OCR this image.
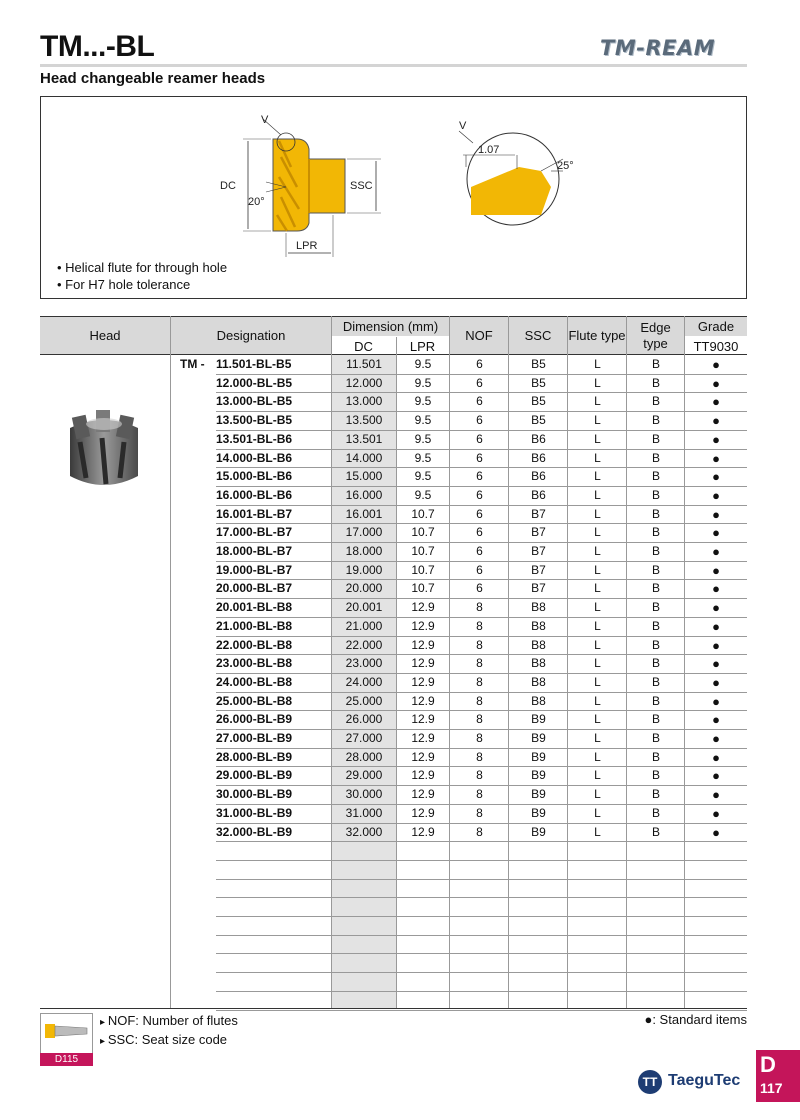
TM...-BL	TM-REAM
Head changeable reamer heads
V
DC	SSC
LPR
20°
V
1.07
25°
• Helical flute for through hole
• For H7 hole tolerance
Head	Designation
Dimension (mm)
DC	LPR
NOF	SSC	Flute type
Edge type
Grade
TT9030
TM - 11.501-BL-B5	11.501	9.5	6	B5	L	B	●
12.000-BL-B5	12.000	9.5	6	B5	L	B	●
13.000-BL-B5	13.000	9.5	6	B5	L	B	●
13.500-BL-B5	13.500	9.5	6	B5	L	B	●
13.501-BL-B6	13.501	9.5	6	B6	L	B	●
14.000-BL-B6	14.000	9.5	6	B6	L	B	●
15.000-BL-B6	15.000	9.5	6	B6	L	B	●
16.000-BL-B6	16.000	9.5	6	B6	L	B	●
16.001-BL-B7	16.001	10.7	6	B7	L	B	●
17.000-BL-B7	17.000	10.7	6	B7	L	B	●
18.000-BL-B7	18.000	10.7	6	B7	L	B	●
19.000-BL-B7	19.000	10.7	6	B7	L	B	●
20.000-BL-B7	20.000	10.7	6	B7	L	B	●
20.001-BL-B8	20.001	12.9	8	B8	L	B	●
21.000-BL-B8	21.000	12.9	8	B8	L	B	●
22.000-BL-B8	22.000	12.9	8	B8	L	B	●
23.000-BL-B8	23.000	12.9	8	B8	L	B	●
24.000-BL-B8	24.000	12.9	8	B8	L	B	●
25.000-BL-B8	25.000	12.9	8	B8	L	B	●
26.000-BL-B9	26.000	12.9	8	B9	L	B	●
27.000-BL-B9	27.000	12.9	8	B9	L	B	●
28.000-BL-B9	28.000	12.9	8	B9	L	B	●
29.000-BL-B9	29.000	12.9	8	B9	L	B	●
30.000-BL-B9	30.000	12.9	8	B9	L	B	●
31.000-BL-B9	31.000	12.9	8	B9	L	B	●
32.000-BL-B9	32.000	12.9	8	B9	L	B	●
D115
▸ NOF: Number of flutes
▸ SSC: Seat size code
●: Standard items
TT TaeguTec
D
117
